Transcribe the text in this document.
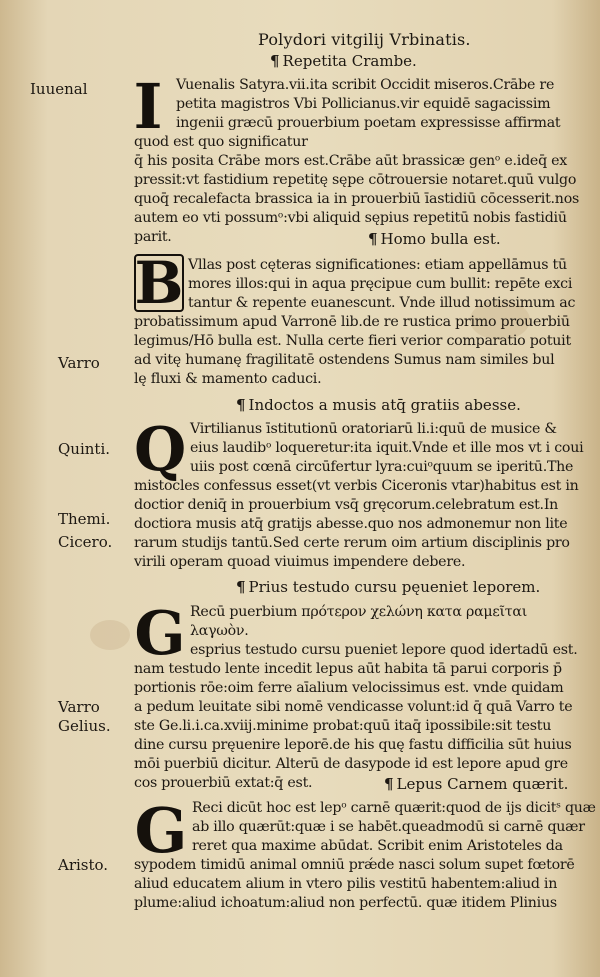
Polydori vitgilij Vrbinatis.
Iuuenal
Varro
Quinti.
Themi.
Cicero.
Varro
Gelius.
Aristo.
¶ Repetita Crambe.
I Vuenalis Satyra.vii.ita scribit Occidit miseros.Crābe re
petita magistros Vbi Pollicianus.vir equidē sagacissim
ingenii græcū prouerbium poetam expressisse affirmat
quod est quo significatur
q̄ his posita Crābe mors est.Crābe aūt brassicæ genᵒ e.ideq̄ ex
pressit:vt fastidium repetitę sępe cōtrouersie notaret.quū vulgo
quoq̄ recalefacta brassica ia in prouerbiū īastidiū cōcesserit.nos
autem eo vti possumᵒ:vbi aliquid sępius repetitū nobis fastidiū
parit.	¶ Homo bulla est.
B Vllas post cęteras significationes: etiam appellāmus tū
mores illos:qui in aqua pręcipue cum bullit: repēte exci
tantur & repente euanescunt. Vnde illud notissimum ac
probatissimum apud Varronē lib.de re rustica primo prouerbiū
legimus/Hō bulla est. Nulla certe fieri verior comparatio potuit
ad vitę humanę fragilitatē ostendens Sumus nam similes bul
lę fluxi & mamento caduci.
¶ Indoctos a musis atq̄ gratiis abesse.
Q Virtilianus īstitutionū oratoriarū li.i:quū de musice &
eius laudibᵒ loqueretur:ita iquit.Vnde et ille mos vt i coui
uiis post cœnā circūfertur lyra:cuiᵒquum se iperitū.The
mistocles confessus esset(vt verbis Ciceronis vtar)habitus est in
doctior deniq̄ in prouerbium vsq̄ gręcorum.celebratum est.In
doctiora musis atq̄ gratijs abesse.quo nos admonemur non lite
rarum studijs tantū.Sed certe rerum oim artium disciplinis pro
virili operam quoad viuimus impendere debere.
¶ Prius testudo cursu pęueniet leporem.
G Recū puerbium πρότερον χελώνη κατα ραμεῖται
λαγωὸν.
esprius testudo cursu pueniet lepore quod idertadū est.
nam testudo lente incedit lepus aūt habita tā parui corporis p̄
portionis rōe:oim ferre aīalium velocissimus est. vnde quidam
a pedum leuitate sibi nomē vendicasse voluntːid q̄ quā Varro te
ste Ge.li.i.ca.xviij.minime probat:quū itaq̄ ipossibile:sit testu
dine cursu pręuenire leporē.de his quę fastu difficilia sūt huius
mōi puerbiū dicitur. Alterū de dasypode id est lepore apud gre
cos prouerbiū extat:q̄ est.	¶ Lepus Carnem quærit.
G Reci dicūt hoc est lepᵒ carnē quærit:quod de ijs dicitˢ quæ
ab illo quærūt:quæ i se habēt.queadmodū si carnē quær
reret qua maxime abūdat. Scribit enim Aristoteles da
sypodem timidū animal omniū prǽde nasci solum supet fœtorē
aliud educatem alium in vtero pilis vestitū habentem:aliud in
plume:aliud ichoatum:aliud non perfectū. quæ itidem Plinius
